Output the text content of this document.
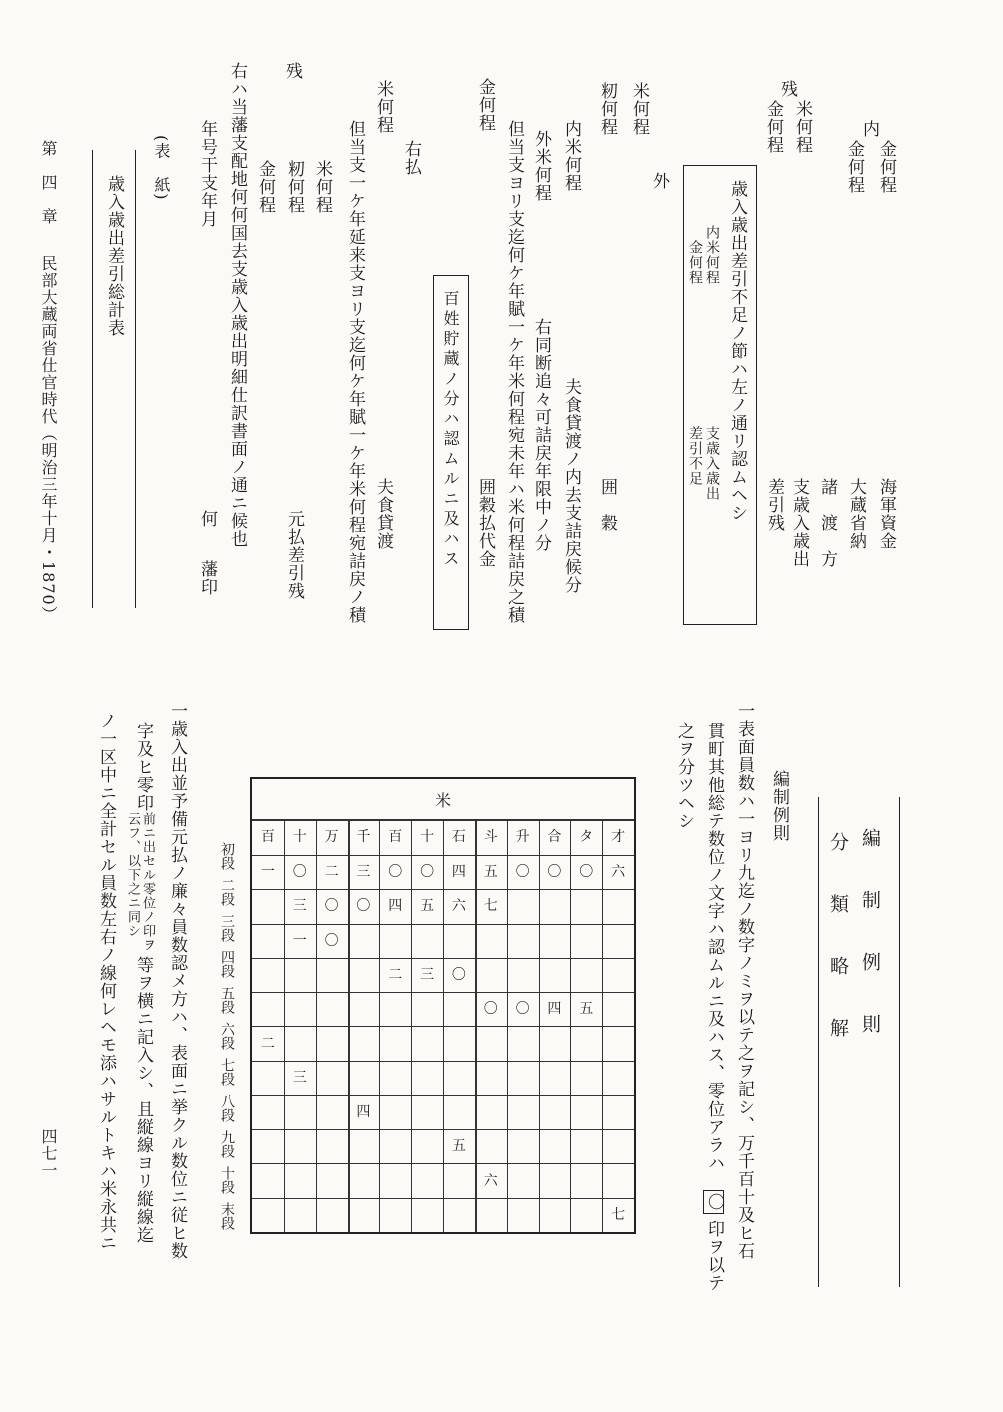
第　四　章
民部大蔵両省仕官時代（明治三年十月・1870）
四七一
内
金何程
金何程
海軍資金
大蔵省納
諸　渡　方
支歳入歳出
差引残
残
米何程
金何程
歳入歳出差引不足ノ節ハ左ノ通リ認ムヘシ
内米何程
金何程
支歳入歳出
差引不足
外
米何程
籾何程
囲　穀
内米何程
夫食貸渡ノ内去支詰戻候分
外米何程
右同断追々可詰戻年限中ノ分
但当支ヨリ支迄何ケ年賦一ケ年米何程宛未年ハ米何程詰戻之積
金何程
囲穀払代金
百姓貯蔵ノ分ハ認ムルニ及ハス
右払
米何程
夫食貸渡
但当支一ケ年延来支ヨリ支迄何ケ年賦一ケ年米何程宛詰戻ノ積
残
米何程
籾何程
金何程
元払差引残
右ハ当藩支配地何何国去支歳入歳出明細仕訳書面ノ通ニ候也
年号干支年月
何
藩印
(表　紙)
歳入歳出差引総計表
編　制　例　則
分　類　略　解
編制例則
一表面員数ハ一ヨリ九迄ノ数字ノミヲ以テ之ヲ記シ、万千百十及ヒ石
貫町其他総テ数位ノ文字ハ認ムルニ及ハス、零位アラハ
〇
印ヲ以テ
之ヲ分ツヘシ
一歳入出並予備元払ノ廉々員数認メ方ハ、表面ニ挙クル数位ニ従ヒ数
字及ヒ零印
前ニ出セル零位ノ印ヲ
云フ、以下之ニ同シ
等ヲ横ニ記入シ、且縦線ヨリ縦線迄
ノ一区中ニ全計セル員数左右ノ線何レヘモ添ハサルトキハ米永共ニ	米
百 十 万 千 百 十 石 斗 升 合 タ 才
一 〇 二 三 〇 〇 四 五 〇 〇 〇 六
三 〇 〇 四 五 六 七
一 〇
二 三 〇
〇 〇 四 五
二
三
四
五
六
七
初段二段三段四段五段六段七段八段九段十段末段
